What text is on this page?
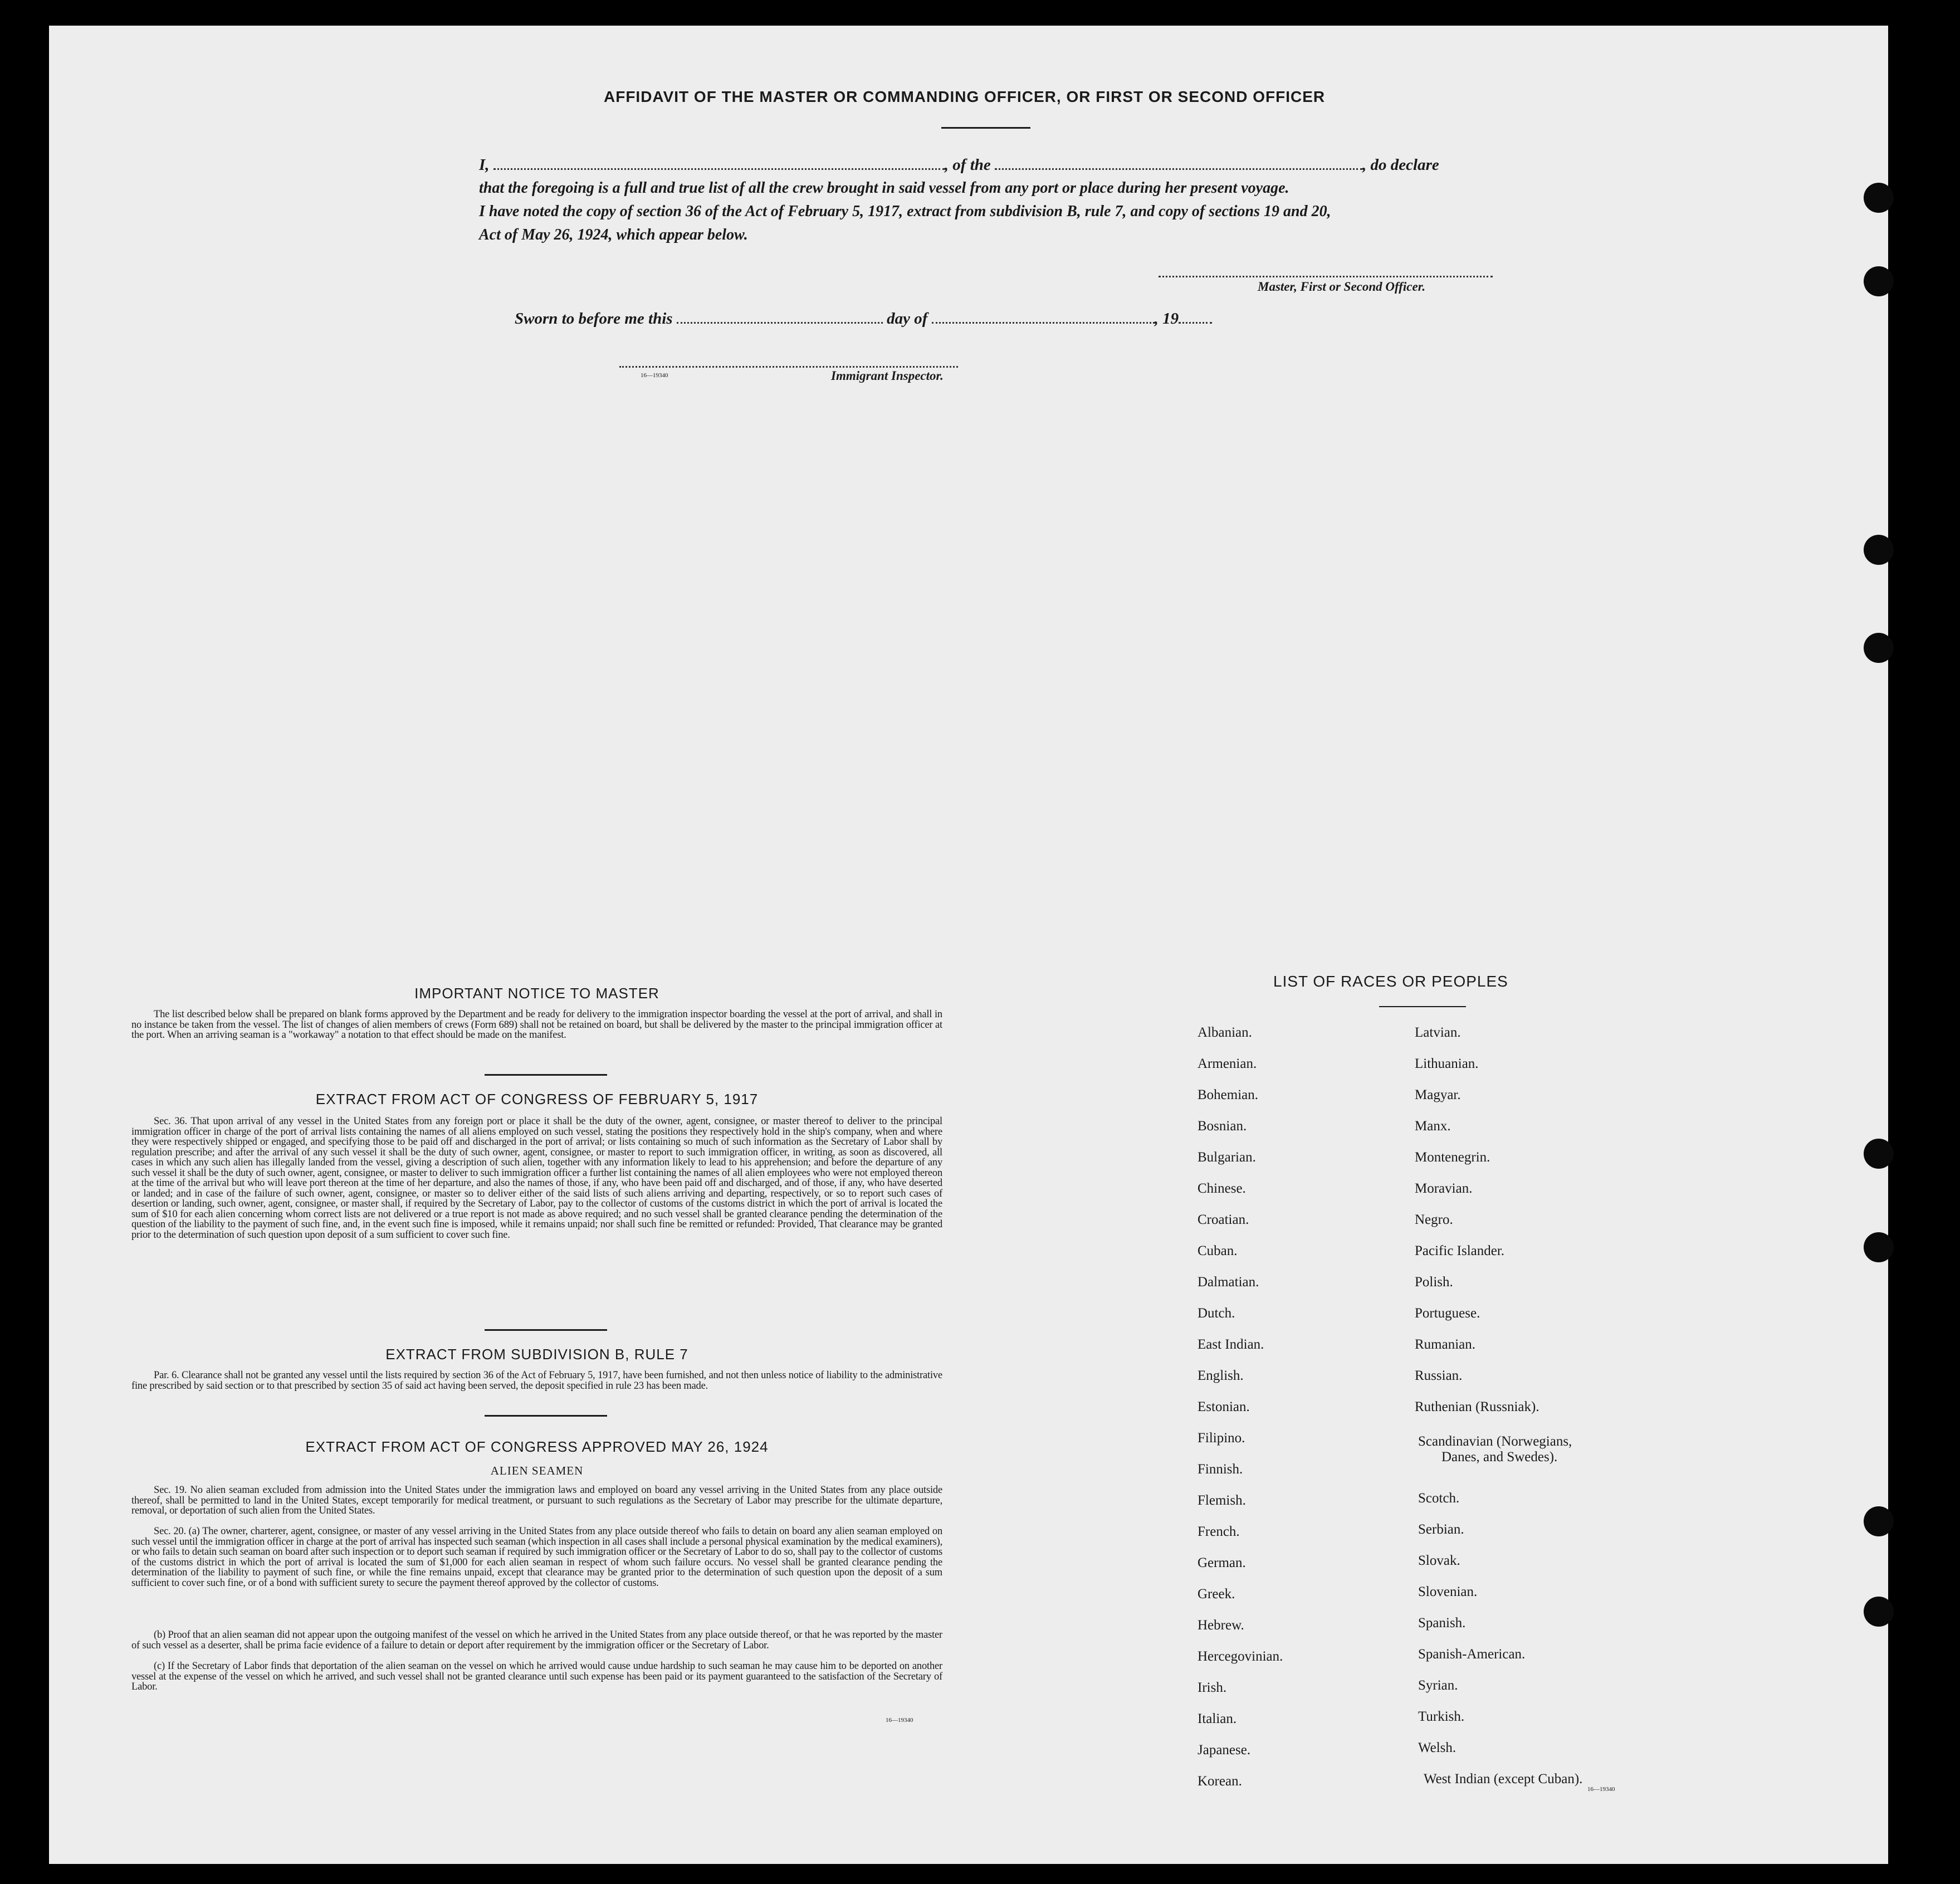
AFFIDAVIT OF THE MASTER OR COMMANDING OFFICER, OR FIRST OR SECOND OFFICER
I,	, of the	, do declare
that the foregoing is a full and true list of all the crew brought in said vessel from any port or place during her present voyage.
I have noted the copy of section 36 of the Act of February 5, 1917, extract from subdivision B, rule 7, and copy of sections 19 and 20,
Act of May 26, 1924, which appear below.
Master, First or Second Officer.
Sworn to before me this	day of	, 19
16—19340	Immigrant Inspector.
IMPORTANT NOTICE TO MASTER
The list described below shall be prepared on blank forms approved by the Department and be ready for delivery to the immigration inspector boarding the vessel at the port of arrival, and shall in no instance be taken from the vessel. The list of changes of alien members of crews (Form 689) shall not be retained on board, but shall be delivered by the master to the principal immigration officer at the port. When an arriving seaman is a "workaway" a notation to that effect should be made on the manifest.
EXTRACT FROM ACT OF CONGRESS OF FEBRUARY 5, 1917
Sec. 36. That upon arrival of any vessel in the United States from any foreign port or place it shall be the duty of the owner, agent, consignee, or master thereof to deliver to the principal immigration officer in charge of the port of arrival lists containing the names of all aliens employed on such vessel, stating the positions they respectively hold in the ship's company, when and where they were respectively shipped or engaged, and specifying those to be paid off and discharged in the port of arrival; or lists containing so much of such information as the Secretary of Labor shall by regulation prescribe; and after the arrival of any such vessel it shall be the duty of such owner, agent, consignee, or master to report to such immigration officer, in writing, as soon as discovered, all cases in which any such alien has illegally landed from the vessel, giving a description of such alien, together with any information likely to lead to his apprehension; and before the departure of any such vessel it shall be the duty of such owner, agent, consignee, or master to deliver to such immigration officer a further list containing the names of all alien employees who were not employed thereon at the time of the arrival but who will leave port thereon at the time of her departure, and also the names of those, if any, who have been paid off and discharged, and of those, if any, who have deserted or landed; and in case of the failure of such owner, agent, consignee, or master so to deliver either of the said lists of such aliens arriving and departing, respectively, or so to report such cases of desertion or landing, such owner, agent, consignee, or master shall, if required by the Secretary of Labor, pay to the collector of customs of the customs district in which the port of arrival is located the sum of $10 for each alien concerning whom correct lists are not delivered or a true report is not made as above required; and no such vessel shall be granted clearance pending the determination of the question of the liability to the payment of such fine, and, in the event such fine is imposed, while it remains unpaid; nor shall such fine be remitted or refunded: Provided, That clearance may be granted prior to the determination of such question upon deposit of a sum sufficient to cover such fine.
EXTRACT FROM SUBDIVISION B, RULE 7
Par. 6. Clearance shall not be granted any vessel until the lists required by section 36 of the Act of February 5, 1917, have been furnished, and not then unless notice of liability to the administrative fine prescribed by said section or to that prescribed by section 35 of said act having been served, the deposit specified in rule 23 has been made.
EXTRACT FROM ACT OF CONGRESS APPROVED MAY 26, 1924
ALIEN SEAMEN
Sec. 19. No alien seaman excluded from admission into the United States under the immigration laws and employed on board any vessel arriving in the United States from any place outside thereof, shall be permitted to land in the United States, except temporarily for medical treatment, or pursuant to such regulations as the Secretary of Labor may prescribe for the ultimate departure, removal, or deportation of such alien from the United States.
Sec. 20. (a) The owner, charterer, agent, consignee, or master of any vessel arriving in the United States from any place outside thereof who fails to detain on board any alien seaman employed on such vessel until the immigration officer in charge at the port of arrival has inspected such seaman (which inspection in all cases shall include a personal physical examination by the medical examiners), or who fails to detain such seaman on board after such inspection or to deport such seaman if required by such immigration officer or the Secretary of Labor to do so, shall pay to the collector of customs of the customs district in which the port of arrival is located the sum of $1,000 for each alien seaman in respect of whom such failure occurs. No vessel shall be granted clearance pending the determination of the liability to payment of such fine, or while the fine remains unpaid, except that clearance may be granted prior to the determination of such question upon the deposit of a sum sufficient to cover such fine, or of a bond with sufficient surety to secure the payment thereof approved by the collector of customs.
(b) Proof that an alien seaman did not appear upon the outgoing manifest of the vessel on which he arrived in the United States from any place outside thereof, or that he was reported by the master of such vessel as a deserter, shall be prima facie evidence of a failure to detain or deport after requirement by the immigration officer or the Secretary of Labor.
(c) If the Secretary of Labor finds that deportation of the alien seaman on the vessel on which he arrived would cause undue hardship to such seaman he may cause him to be deported on another vessel at the expense of the vessel on which he arrived, and such vessel shall not be granted clearance until such expense has been paid or its payment guaranteed to the satisfaction of the Secretary of Labor.
16—19340
LIST OF RACES OR PEOPLES
Albanian.
Armenian.
Bohemian.
Bosnian.
Bulgarian.
Chinese.
Croatian.
Cuban.
Dalmatian.
Dutch.
East Indian.
English.
Estonian.
Filipino.
Finnish.
Flemish.
French.
German.
Greek.
Hebrew.
Hercegovinian.
Irish.
Italian.
Japanese.
Korean.
Latvian.
Lithuanian.
Magyar.
Manx.
Montenegrin.
Moravian.
Negro.
Pacific Islander.
Polish.
Portuguese.
Rumanian.
Russian.
Ruthenian (Russniak).
Scandinavian (Norwegians,
Danes, and Swedes).
Scotch.
Serbian.
Slovak.
Slovenian.
Spanish.
Spanish-American.
Syrian.
Turkish.
Welsh.
West Indian (except Cuban).
16—19340
